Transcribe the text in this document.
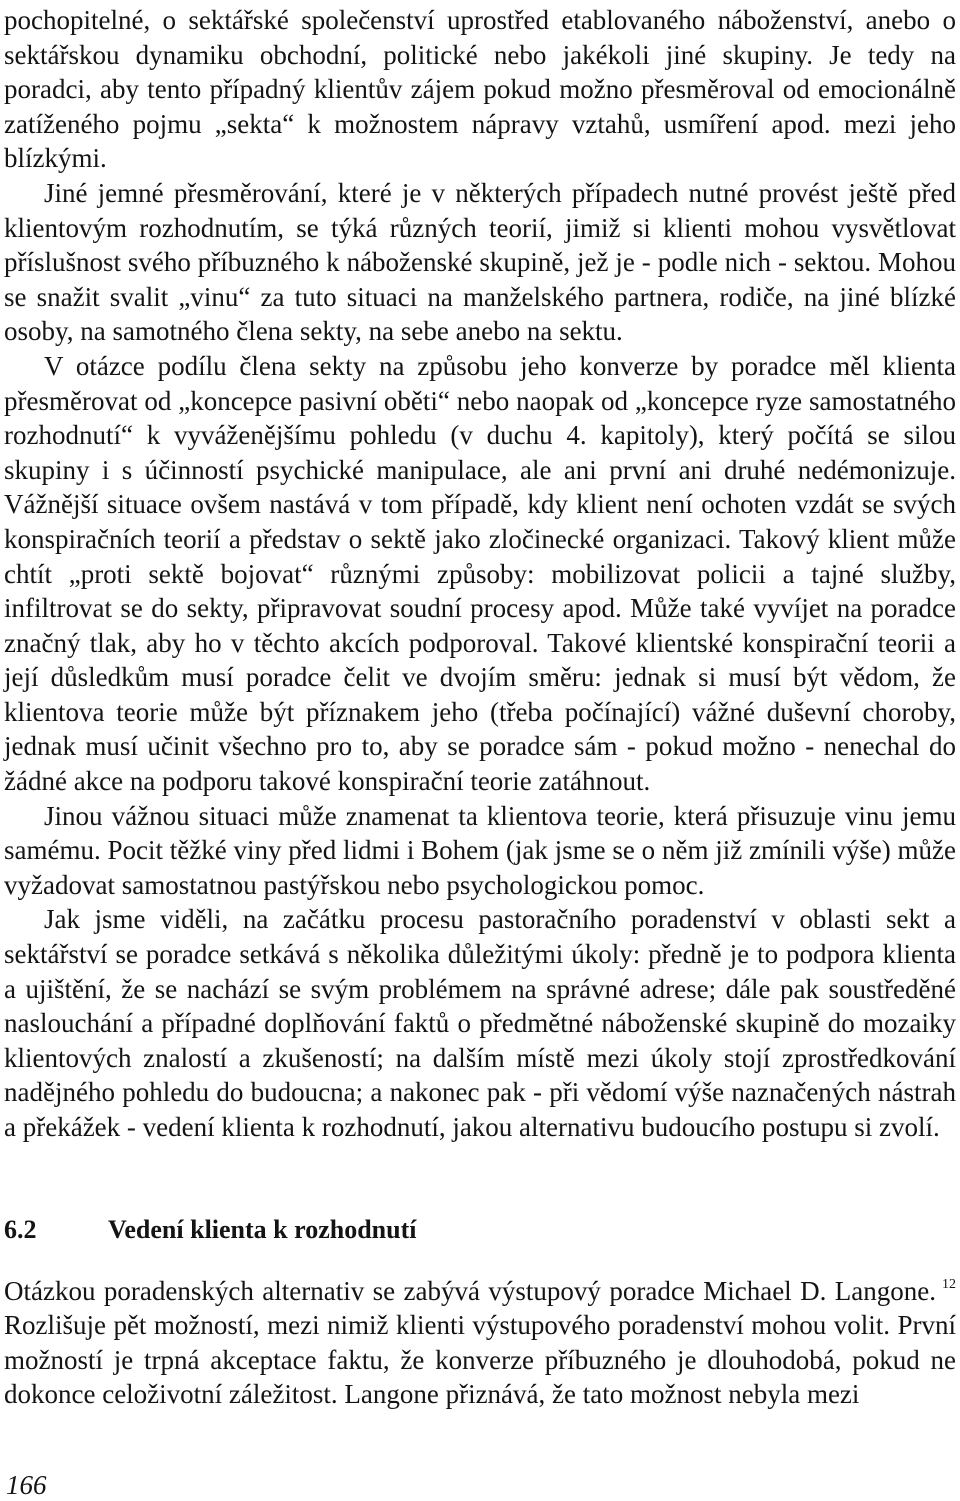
pochopitelné, o sektářské společenství uprostřed etablovaného náboženství, anebo o sektářskou dynamiku obchodní, politické nebo jakékoli jiné skupiny. Je tedy na poradci, aby tento případný klientův zájem pokud možno přesměroval od emocionálně zatíženého pojmu „sekta“ k možnostem nápravy vztahů, usmíření apod. mezi jeho blízkými.

Jiné jemné přesměrování, které je v některých případech nutné provést ještě před klientovým rozhodnutím, se týká různých teorií, jimiž si klienti mohou vysvětlovat příslušnost svého příbuzného k náboženské skupině, jež je - podle nich - sektou. Mohou se snažit svalit „vinu“ za tuto situaci na manželského partnera, rodiče, na jiné blízké osoby, na samotného člena sekty, na sebe anebo na sektu.

V otázce podílu člena sekty na způsobu jeho konverze by poradce měl klienta přesměrovat od „koncepce pasivní oběti“ nebo naopak od „koncepce ryze samostatného rozhodnutí“ k vyváženějšímu pohledu (v duchu 4. kapitoly), který počítá se silou skupiny i s účinností psychické manipulace, ale ani první ani druhé nedémonizuje. Vážnější situace ovšem nastává v tom případě, kdy klient není ochoten vzdát se svých konspiračních teorií a představ o sektě jako zločinecké organizaci. Takový klient může chtít „proti sektě bojovat“ různými způsoby: mobilizovat policii a tajné služby, infiltrovat se do sekty, připravovat soudní procesy apod. Může také vyvíjet na poradce značný tlak, aby ho v těchto akcích podporoval. Takové klientské konspirační teorii a její důsledkům musí poradce čelit ve dvojím směru: jednak si musí být vědom, že klientova teorie může být příznakem jeho (třeba počínající) vážné duševní choroby, jednak musí učinit všechno pro to, aby se poradce sám - pokud možno - nenechal do žádné akce na podporu takové konspirační teorie zatáhnout.

Jinou vážnou situaci může znamenat ta klientova teorie, která přisuzuje vinu jemu samému. Pocit těžké viny před lidmi i Bohem (jak jsme se o něm již zmínili výše) může vyžadovat samostatnou pastýřskou nebo psychologickou pomoc.

Jak jsme viděli, na začátku procesu pastoračního poradenství v oblasti sekt a sektářství se poradce setkává s několika důležitými úkoly: předně je to podpora klienta a ujištění, že se nachází se svým problémem na správné adrese; dále pak soustředěné naslouchání a případné doplňování faktů o předmětné náboženské skupině do mozaiky klientových znalostí a zkušeností; na dalším místě mezi úkoly stojí zprostředkování nadějného pohledu do budoucna; a nakonec pak - při vědomí výše naznačených nástrah a překážek - vedení klienta k rozhodnutí, jakou alternativu budoucího postupu si zvolí.

6.2	Vedení klienta k rozhodnutí

Otázkou poradenských alternativ se zabývá výstupový poradce Michael D. Langone. $^{12}$ Rozlišuje pět možností, mezi nimiž klienti výstupového poradenství mohou volit. První možností je trpná akceptace faktu, že konverze příbuzného je dlouhodobá, pokud ne dokonce celoživotní záležitost. Langone přiznává, že tato možnost nebyla mezi

166
